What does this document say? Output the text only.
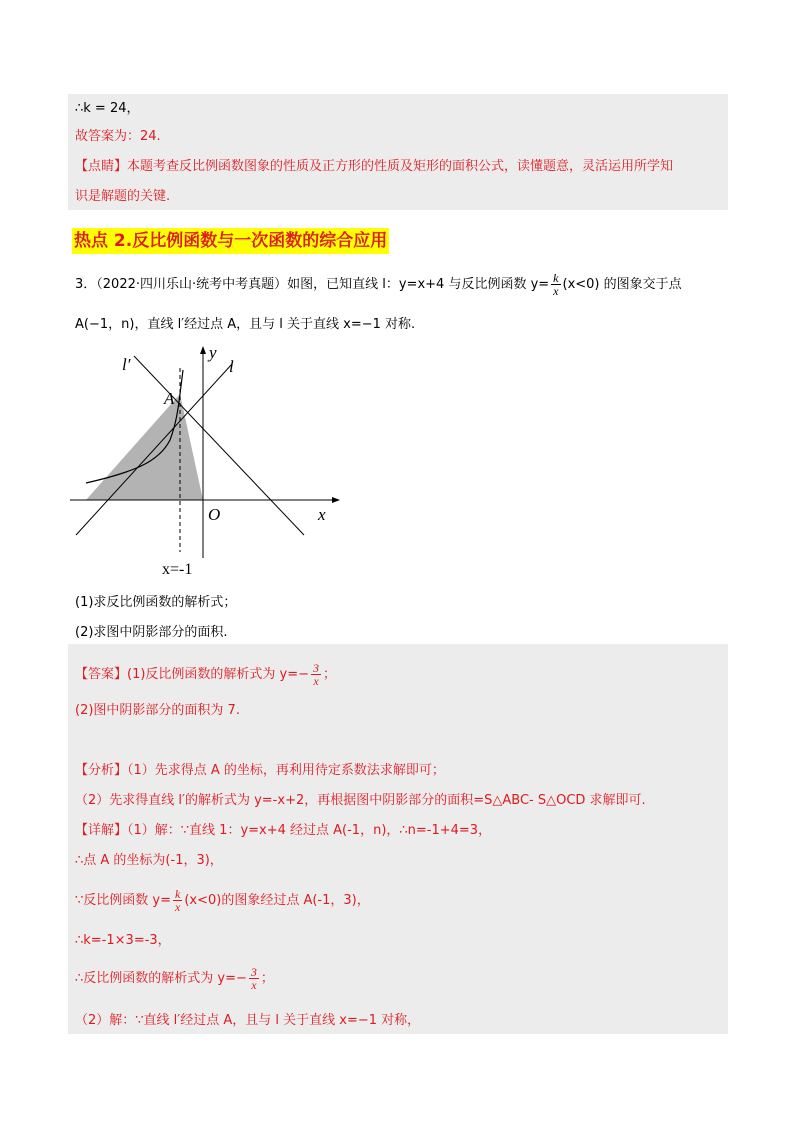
∴k = 24，
故答案为：24.
【点睛】本题考查反比例函数图象的性质及正方形的性质及矩形的面积公式，读懂题意，灵活运用所学知
识是解题的关键.
热点 2.反比例函数与一次函数的综合应用
3．（2022·四川乐山·统考中考真题）如图，已知直线 l：y=x+4 与反比例函数 $y= \frac{k}{x} (x<0)$ 的图象交于点
A(−1，n)，直线 l′经过点 A，且与 l 关于直线 x=−1 对称.
l′	l
y
A
O	x
x=-1
(1)求反比例函数的解析式；
(2)求图中阴影部分的面积.
【答案】(1)反比例函数的解析式为 $y=- \frac{3}{x}$ ；
(2)图中阴影部分的面积为 7.
【分析】（1）先求得点 A 的坐标，再利用待定系数法求解即可；
（2）先求得直线 l′的解析式为 y=-x+2，再根据图中阴影部分的面积=S△ABC- S△OCD 求解即可.
【详解】（1）解：∵直线 1：y=x+4 经过点 A(-1，n)，∴n=-1+4=3，
∴点 A 的坐标为(-1，3)，
∵反比例函数 $y= \frac{k}{x} (x<0)$的图象经过点 A(-1，3)，
∴k=-1×3=-3，
∴反比例函数的解析式为 $y=- \frac{3}{x}$ ；
（2）解：∵直线 l′经过点 A，且与 l 关于直线 x=−1 对称，
